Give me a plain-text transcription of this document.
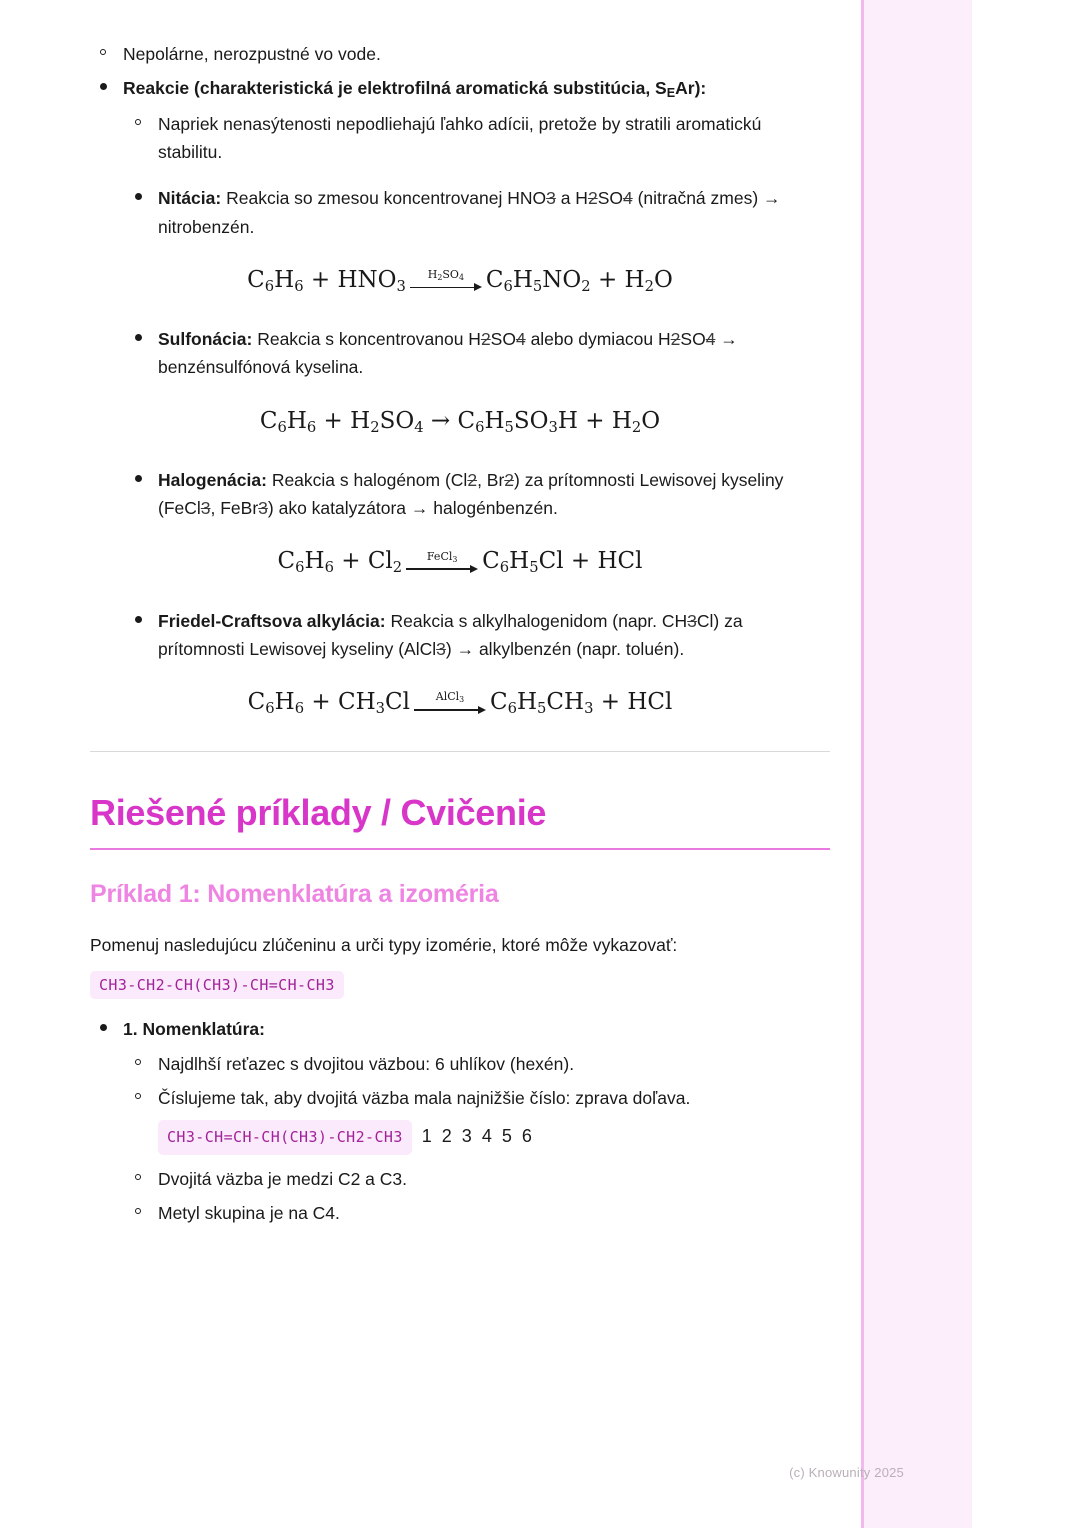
Nepolárne, nerozpustné vo vode.
Reakcie (charakteristická je elektrofilná aromatická substitúcia, $S_EAr$):
Napriek nenasýtenosti nepodliehajú ľahko adícii, pretože by stratili aromatickú stabilitu.
Nitácia: Reakcia so zmesou koncentrovanej HNO3 a H2SO4 (nitračná zmes) → nitrobenzén.
C6H6 + HNO3
H2SO4 C6H5NO2 + H2O
Sulfonácia: Reakcia s koncentrovanou H2SO4 alebo dymiacou H2SO4 → benzénsulfónová kyselina.
C6H6 + H2SO4 → C6H5SO3H + H2O
Halogenácia: Reakcia s halogénom (Cl2, Br2) za prítomnosti Lewisovej kyseliny (FeCl3, FeBr3) ako katalyzátora → halogénbenzén.
C6H6 + Cl2
FeCl3	C6H5Cl + HCl
Friedel-Craftsova alkylácia: Reakcia s alkylhalogenidom (napr. CH3Cl) za prítomnosti Lewisovej kyseliny (AlCl3) → alkylbenzén (napr. toluén).
C6H6 + CH3Cl	AlCl3	C6H5CH3 + HCl
Riešené príklady / Cvičenie
Príklad 1: Nomenklatúra a izoméria

Pomenuj nasledujúcu zlúčeninu a urči typy izomérie, ktoré môže vykazovať:

CH3-CH2-CH(CH3)-CH=CH-CH3
1. Nomenklatúra:
Najdlhší reťazec s dvojitou väzbou: 6 uhlíkov (hexén).
Číslujeme tak, aby dvojitá väzba mala najnižšie číslo: zprava doľava.
CH3-CH=CH-CH(CH3)-CH2-CH3 1 2 3 4 5 6
Dvojitá väzba je medzi C2 a C3.
Metyl skupina je na C4.
(c) Knowunity 2025
